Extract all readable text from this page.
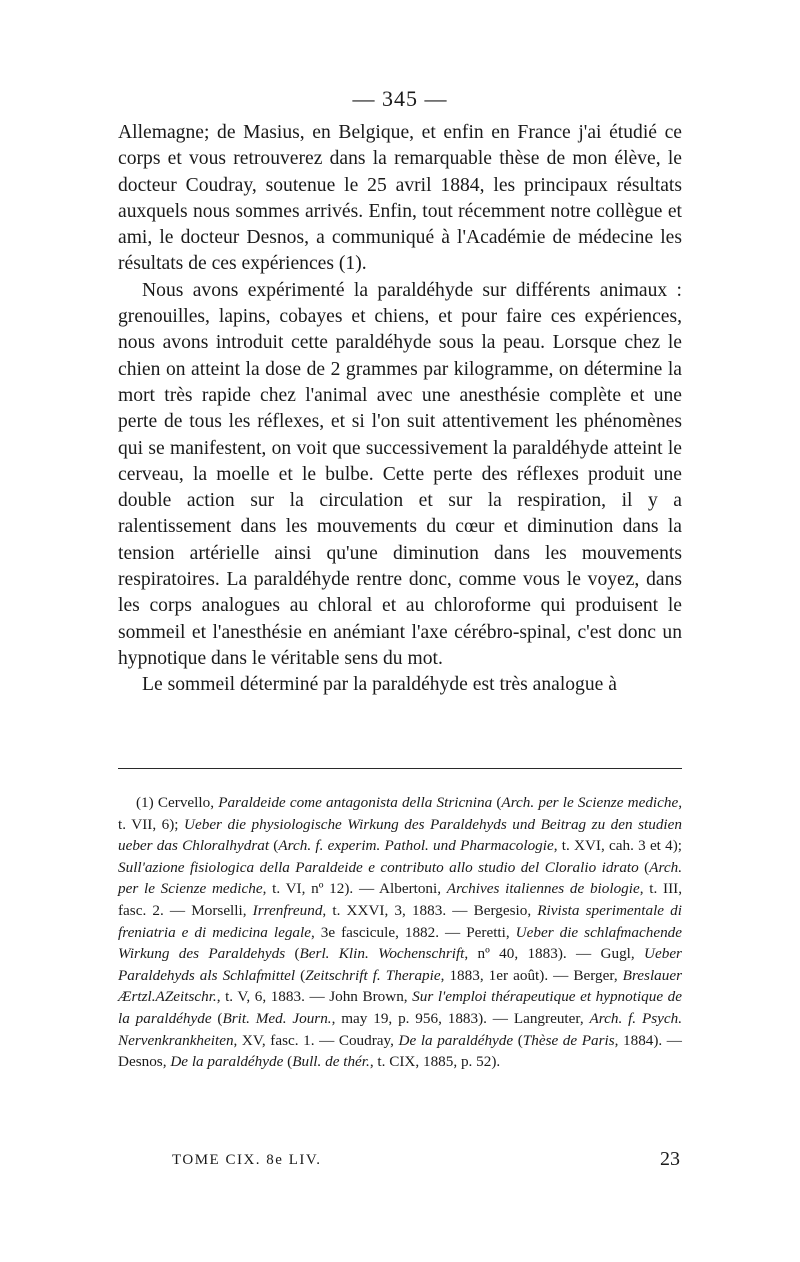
— 345 —

Allemagne; de Masius, en Belgique, et enfin en France j'ai étudié ce corps et vous retrouverez dans la remarquable thèse de mon élève, le docteur Coudray, soutenue le 25 avril 1884, les principaux résultats auxquels nous sommes arrivés. Enfin, tout récemment notre collègue et ami, le docteur Desnos, a communiqué à l'Académie de médecine les résultats de ces expériences (1).

Nous avons expérimenté la paraldéhyde sur différents animaux : grenouilles, lapins, cobayes et chiens, et pour faire ces expériences, nous avons introduit cette paraldéhyde sous la peau. Lorsque chez le chien on atteint la dose de 2 grammes par kilogramme, on détermine la mort très rapide chez l'animal avec une anesthésie complète et une perte de tous les réflexes, et si l'on suit attentivement les phénomènes qui se manifestent, on voit que successivement la paraldéhyde atteint le cerveau, la moelle et le bulbe. Cette perte des réflexes produit une double action sur la circulation et sur la respiration, il y a ralentissement dans les mouvements du cœur et diminution dans la tension artérielle ainsi qu'une diminution dans les mouvements respiratoires. La paraldéhyde rentre donc, comme vous le voyez, dans les corps analogues au chloral et au chloroforme qui produisent le sommeil et l'anesthésie en anémiant l'axe cérébro-spinal, c'est donc un hypnotique dans le véritable sens du mot.

Le sommeil déterminé par la paraldéhyde est très analogue à

(1) Cervello, Paraldeide come antagonista della Stricnina (Arch. per le Scienze mediche, t. VII, 6); Ueber die physiologische Wirkung des Paraldehyds und Beitrag zu den studien ueber das Chloralhydrat (Arch. f. experim. Pathol. und Pharmacologie, t. XVI, cah. 3 et 4); Sull'azione fisiologica della Paraldeide e contributo allo studio del Cloralio idrato (Arch. per le Scienze mediche, t. VI, nº 12). — Albertoni, Archives italiennes de biologie, t. III, fasc. 2. — Morselli, Irrenfreund, t. XXVI, 3, 1883. — Bergesio, Rivista sperimentale di freniatria e di medicina legale, 3e fascicule, 1882. — Peretti, Ueber die schlafmachende Wirkung des Paraldehyds (Berl. Klin. Wochenschrift, nº 40, 1883). — Gugl, Ueber Paraldehyds als Schlafmittel (Zeitschrift f. Therapie, 1883, 1er août). — Berger, Breslauer Ærtzl.AZeitschr., t. V, 6, 1883. — John Brown, Sur l'emploi thérapeutique et hypnotique de la paraldéhyde (Brit. Med. Journ., may 19, p. 956, 1883). — Langreuter, Arch. f. Psych. Nervenkrankheiten, XV, fasc. 1. — Coudray, De la paraldéhyde (Thèse de Paris, 1884). — Desnos, De la paraldéhyde (Bull. de thér., t. CIX, 1885, p. 52).
TOME CIX. 8e LIV.	23
